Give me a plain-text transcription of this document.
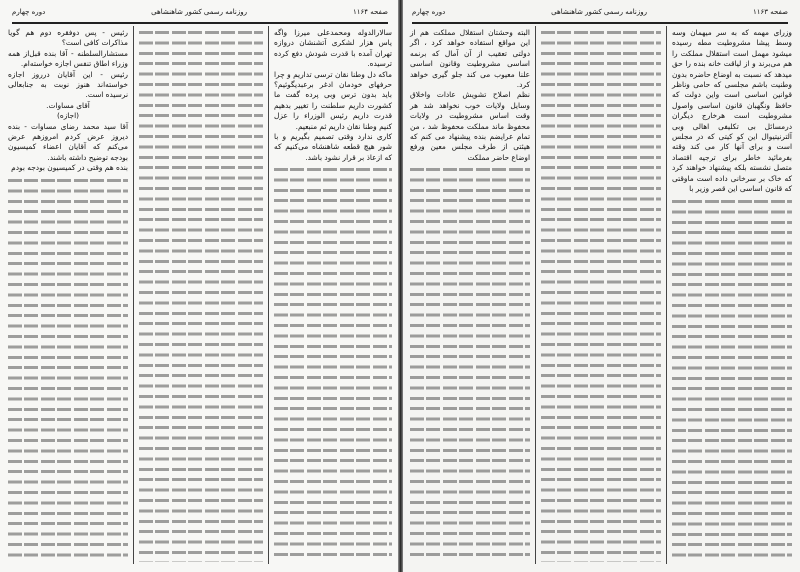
صفحه ۱۱۶۴
روزنامه رسمی کشور شاهنشاهی
دوره چهارم

رئیس - پس دوفقره دوم هم گویا مذاکرات کافی است؟

مستشارالسلطنه - آقا بنده قبل‌از همه وزراء اطاق تنفس اجازه خواسته‌ام.

رئیس - این آقایان درروز اجازه خواسته‌اند هنوز نوبت به جنابعالی نرسیده است.

آقای مساوات.

(اجازه)

آقا سید محمد رضای مساوات - بنده دیروز عرض کردم امروزهم عرض می‌کنم که آقایان اعضاء کمیسیون بودجه توضیح داشته باشند.

بنده هم وقتی در کمیسیون بودجه بودم

سالارالدوله ومحمدعلی میرزا واگه یاس هزار لشکری آتشنشان دروازه تهران آمده با قدرت شودش دفع کرده ترسیده.

ماکه دل وطنا نقان ترسی تداریم و چرا حرفهای خودمان ادغر برعبدیگوئیم؟ باید بدون ترس وبی پرده گفت ما کشورت داریم سلطنت را تغییر بدهیم قدرت داریم رئیس الوزراء را عزل کنیم وطنا نقان داریم ثم منبعیم.

کاری ندارد وقتی تصمیم بگیریم و با شور هیچ قطعه شاهنشاه می‌کنیم که که ازعاذ بر قرار نشود باشد.

صفحه ۱۱۶۳
روزنامه رسمی کشور شاهنشاهی
دوره چهارم

البته وحشتان استقلال مملکت هم از این مواقع استفاده خواهد کرد ، اگر دولتی تعقیب از آن آمال که برنمه اساسی مشروطیت وقانون اساسی علنا معیوب می کند جلو گیری خواهد کرد.

نظم اصلاح تشویش عادات واخلاق وسایل ولایات خوب نخواهد شد هر وقت اساس مشروطیت در ولایات محفوظ ماند مملکت محفوظ شد ، من تمام عرایضم بنده پیشنهاد می کنم که هیئتی از طرف مجلس معین ورفع اوضاع حاضر مملکت

وزرای مهمه که به سر میهمان وسه وسط پیشا مشروطیت مطه رسیده میشود مهمل است استقلال مملکت را هم می‌برند و از لیاقت خانه بنده را حق میدهد که نسبت به اوضاع حاضره بدون وطنیت باشم مجلسی که حامی وناظر قوانین اساسی است واین دولت که حافظ ونگهبان قانون اساسی واصول مشروطیت است هرخارج دیگران درمسائل بی تکلیفی اهالی وبی آلترنیتیوال این کو کیتی که در مجلس است و برای آنها کار می کند وقته بفرمائید خاطر برای ترجیه اقتصاد متصل نشسته بلکه پیشنهاد خواهند کرد که خاک بر سرخانی داده است ماوقتی که قانون اساسی این قصر وزیر با
